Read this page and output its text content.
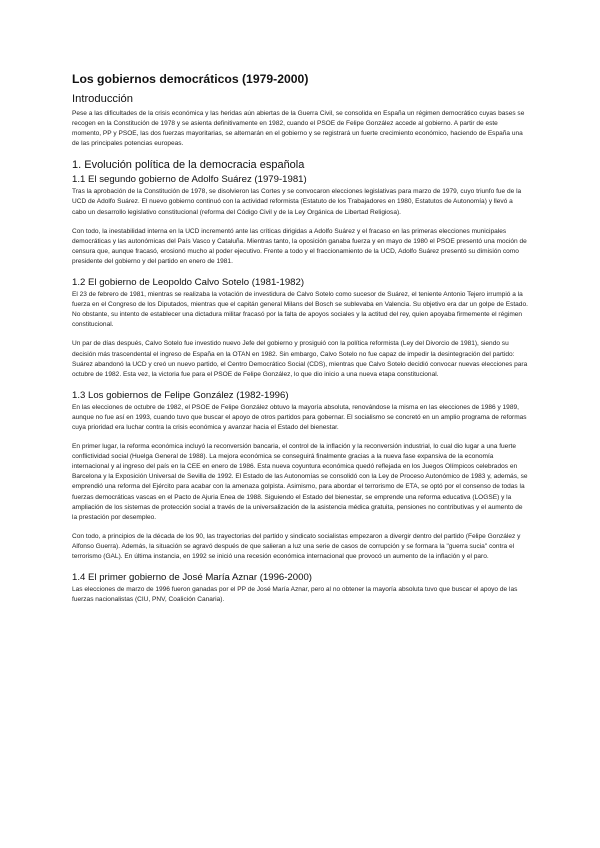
Los gobiernos democráticos (1979-2000)
Introducción

Pese a las dificultades de la crisis económica y las heridas aún abiertas de la Guerra Civil, se consolida en España un régimen democrático cuyas bases se recogen en la Constitución de 1978 y se asienta definitivamente en 1982, cuando el PSOE de Felipe González accede al gobierno. A partir de este momento, PP y PSOE, las dos fuerzas mayoritarias, se alternarán en el gobierno y se registrará un fuerte crecimiento económico, haciendo de España una de las principales potencias europeas.

1. Evolución política de la democracia española
1.1 El segundo gobierno de Adolfo Suárez (1979-1981)

Tras la aprobación de la Constitución de 1978, se disolvieron las Cortes y se convocaron elecciones legislativas para marzo de 1979, cuyo triunfo fue de la UCD de Adolfo Suárez. El nuevo gobierno continuó con la actividad reformista (Estatuto de los Trabajadores en 1980, Estatutos de Autonomía) y llevó a cabo un desarrollo legislativo constitucional (reforma del Código Civil y de la Ley Orgánica de Libertad Religiosa).

Con todo, la inestabilidad interna en la UCD incrementó ante las críticas dirigidas a Adolfo Suárez y el fracaso en las primeras elecciones municipales democráticas y las autonómicas del País Vasco y Cataluña. Mientras tanto, la oposición ganaba fuerza y en mayo de 1980 el PSOE presentó una moción de censura que, aunque fracasó, erosionó mucho al poder ejecutivo. Frente a todo y el fraccionamiento de la UCD, Adolfo Suárez presentó su dimisión como presidente del gobierno y del partido en enero de 1981.

1.2 El gobierno de Leopoldo Calvo Sotelo (1981-1982)

El 23 de febrero de 1981, mientras se realizaba la votación de investidura de Calvo Sotelo como sucesor de Suárez, el teniente Antonio Tejero irrumpió a la fuerza en el Congreso de los Diputados, mientras que el capitán general Milans del Bosch se sublevaba en Valencia. Su objetivo era dar un golpe de Estado. No obstante, su intento de establecer una dictadura militar fracasó por la falta de apoyos sociales y la actitud del rey, quien apoyaba firmemente el régimen constitucional.

Un par de días después, Calvo Sotelo fue investido nuevo Jefe del gobierno y prosiguió con la política reformista (Ley del Divorcio de 1981), siendo su decisión más trascendental el ingreso de España en la OTAN en 1982. Sin embargo, Calvo Sotelo no fue capaz de impedir la desintegración del partido: Suárez abandonó la UCD y creó un nuevo partido, el Centro Democrático Social (CDS), mientras que Calvo Sotelo decidió convocar nuevas elecciones para octubre de 1982. Esta vez, la victoria fue para el PSOE de Felipe González, lo que dio inicio a una nueva etapa constitucional.

1.3 Los gobiernos de Felipe González (1982-1996)

En las elecciones de octubre de 1982, el PSOE de Felipe González obtuvo la mayoría absoluta, renovándose la misma en las elecciones de 1986 y 1989, aunque no fue así en 1993, cuando tuvo que buscar el apoyo de otros partidos para gobernar. El socialismo se concretó en un amplio programa de reformas cuya prioridad era luchar contra la crisis económica y avanzar hacia el Estado del bienestar.

En primer lugar, la reforma económica incluyó la reconversión bancaria, el control de la inflación y la reconversión industrial, lo cual dio lugar a una fuerte conflictividad social (Huelga General de 1988). La mejora económica se conseguirá finalmente gracias a la nueva fase expansiva de la economía internacional y al ingreso del país en la CEE en enero de 1986. Esta nueva coyuntura económica quedó reflejada en los Juegos Olímpicos celebrados en Barcelona y la Exposición Universal de Sevilla de 1992. El Estado de las Autonomías se consolidó con la Ley de Proceso Autonómico de 1983 y, además, se emprendió una reforma del Ejército para acabar con la amenaza golpista. Asimismo, para abordar el terrorismo de ETA, se optó por el consenso de todas la fuerzas democráticas vascas en el Pacto de Ajuria Enea de 1988. Siguiendo el Estado del bienestar, se emprende una reforma educativa (LOGSE) y la ampliación de los sistemas de protección social a través de la universalización de la asistencia médica gratuita, pensiones no contributivas y el aumento de la prestación por desempleo.

Con todo, a principios de la década de los 90, las trayectorias del partido y sindicato socialistas empezaron a divergir dentro del partido (Felipe González y Alfonso Guerra). Además, la situación se agravó después de que salieran a luz una serie de casos de corrupción y se formara la "guerra sucia" contra el terrorismo (GAL). En última instancia, en 1992 se inició una recesión económica internacional que provocó un aumento de la inflación y el paro.

1.4 El primer gobierno de José María Aznar (1996-2000)

Las elecciones de marzo de 1996 fueron ganadas por el PP de José María Aznar, pero al no obtener la mayoría absoluta tuvo que buscar el apoyo de las fuerzas nacionalistas (CIU, PNV, Coalición Canaria).
